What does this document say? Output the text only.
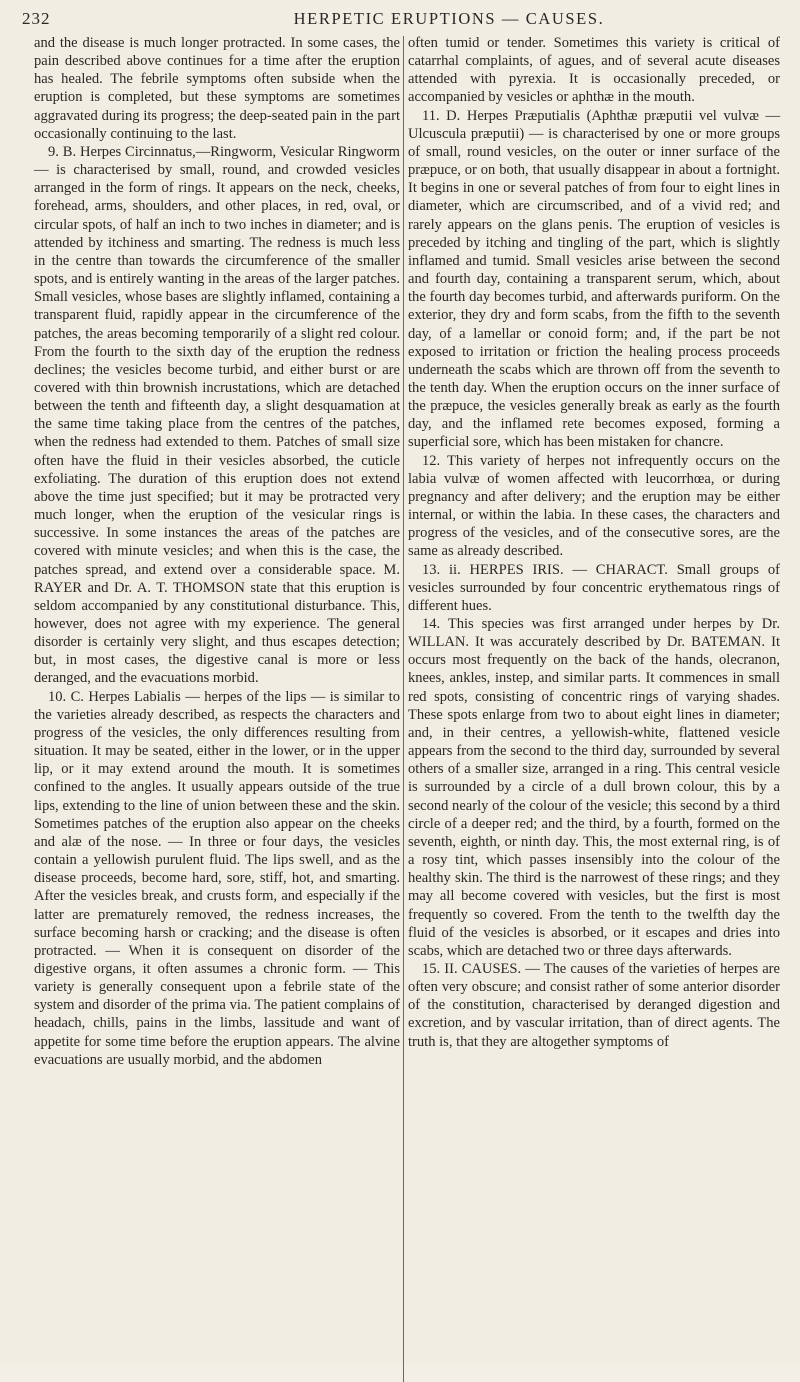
232	HERPETIC ERUPTIONS — CAUSES.

and the disease is much longer protracted. In some cases, the pain described above continues for a time after the eruption has healed. The febrile symptoms often subside when the eruption is completed, but these symptoms are sometimes aggravated during its progress; the deep-seated pain in the part occasionally continuing to the last.

9. B. Herpes Circinnatus,—Ringworm, Vesicular Ringworm — is characterised by small, round, and crowded vesicles arranged in the form of rings. It appears on the neck, cheeks, forehead, arms, shoulders, and other places, in red, oval, or circular spots, of half an inch to two inches in diameter; and is attended by itchiness and smarting. The redness is much less in the centre than towards the circumference of the smaller spots, and is entirely wanting in the areas of the larger patches. Small vesicles, whose bases are slightly inflamed, containing a transparent fluid, rapidly appear in the circumference of the patches, the areas becoming temporarily of a slight red colour. From the fourth to the sixth day of the eruption the redness declines; the vesicles become turbid, and either burst or are covered with thin brownish incrustations, which are detached between the tenth and fifteenth day, a slight desquamation at the same time taking place from the centres of the patches, when the redness had extended to them. Patches of small size often have the fluid in their vesicles absorbed, the cuticle exfoliating. The duration of this eruption does not extend above the time just specified; but it may be protracted very much longer, when the eruption of the vesicular rings is successive. In some instances the areas of the patches are covered with minute vesicles; and when this is the case, the patches spread, and extend over a considerable space. M. RAYER and Dr. A. T. THOMSON state that this eruption is seldom accompanied by any constitutional disturbance. This, however, does not agree with my experience. The general disorder is certainly very slight, and thus escapes detection; but, in most cases, the digestive canal is more or less deranged, and the evacuations morbid.

10. C. Herpes Labialis — herpes of the lips — is similar to the varieties already described, as respects the characters and progress of the vesicles, the only differences resulting from situation. It may be seated, either in the lower, or in the upper lip, or it may extend around the mouth. It is sometimes confined to the angles. It usually appears outside of the true lips, extending to the line of union between these and the skin. Sometimes patches of the eruption also appear on the cheeks and alæ of the nose. — In three or four days, the vesicles contain a yellowish purulent fluid. The lips swell, and as the disease proceeds, become hard, sore, stiff, hot, and smarting. After the vesicles break, and crusts form, and especially if the latter are prematurely removed, the redness increases, the surface becoming harsh or cracking; and the disease is often protracted. — When it is consequent on disorder of the digestive organs, it often assumes a chronic form. — This variety is generally consequent upon a febrile state of the system and disorder of the prima via. The patient complains of headach, chills, pains in the limbs, lassitude and want of appetite for some time before the eruption appears. The alvine evacuations are usually morbid, and the abdomen

often tumid or tender. Sometimes this variety is critical of catarrhal complaints, of agues, and of several acute diseases attended with pyrexia. It is occasionally preceded, or accompanied by vesicles or aphthæ in the mouth.

11. D. Herpes Præputialis (Aphthæ præputii vel vulvæ — Ulcuscula præputii) — is characterised by one or more groups of small, round vesicles, on the outer or inner surface of the præpuce, or on both, that usually disappear in about a fortnight. It begins in one or several patches of from four to eight lines in diameter, which are circumscribed, and of a vivid red; and rarely appears on the glans penis. The eruption of vesicles is preceded by itching and tingling of the part, which is slightly inflamed and tumid. Small vesicles arise between the second and fourth day, containing a transparent serum, which, about the fourth day becomes turbid, and afterwards puriform. On the exterior, they dry and form scabs, from the fifth to the seventh day, of a lamellar or conoid form; and, if the part be not exposed to irritation or friction the healing process proceeds underneath the scabs which are thrown off from the seventh to the tenth day. When the eruption occurs on the inner surface of the præpuce, the vesicles generally break as early as the fourth day, and the inflamed rete becomes exposed, forming a superficial sore, which has been mistaken for chancre.

12. This variety of herpes not infrequently occurs on the labia vulvæ of women affected with leucorrhœa, or during pregnancy and after delivery; and the eruption may be either internal, or within the labia. In these cases, the characters and progress of the vesicles, and of the consecutive sores, are the same as already described.

13. ii. HERPES IRIS. — CHARACT. Small groups of vesicles surrounded by four concentric erythematous rings of different hues.

14. This species was first arranged under herpes by Dr. WILLAN. It was accurately described by Dr. BATEMAN. It occurs most frequently on the back of the hands, olecranon, knees, ankles, instep, and similar parts. It commences in small red spots, consisting of concentric rings of varying shades. These spots enlarge from two to about eight lines in diameter; and, in their centres, a yellowish-white, flattened vesicle appears from the second to the third day, surrounded by several others of a smaller size, arranged in a ring. This central vesicle is surrounded by a circle of a dull brown colour, this by a second nearly of the colour of the vesicle; this second by a third circle of a deeper red; and the third, by a fourth, formed on the seventh, eighth, or ninth day. This, the most external ring, is of a rosy tint, which passes insensibly into the colour of the healthy skin. The third is the narrowest of these rings; and they may all become covered with vesicles, but the first is most frequently so covered. From the tenth to the twelfth day the fluid of the vesicles is absorbed, or it escapes and dries into scabs, which are detached two or three days afterwards.

15. II. CAUSES. — The causes of the varieties of herpes are often very obscure; and consist rather of some anterior disorder of the constitution, characterised by deranged digestion and excretion, and by vascular irritation, than of direct agents. The truth is, that they are altogether symptoms of
